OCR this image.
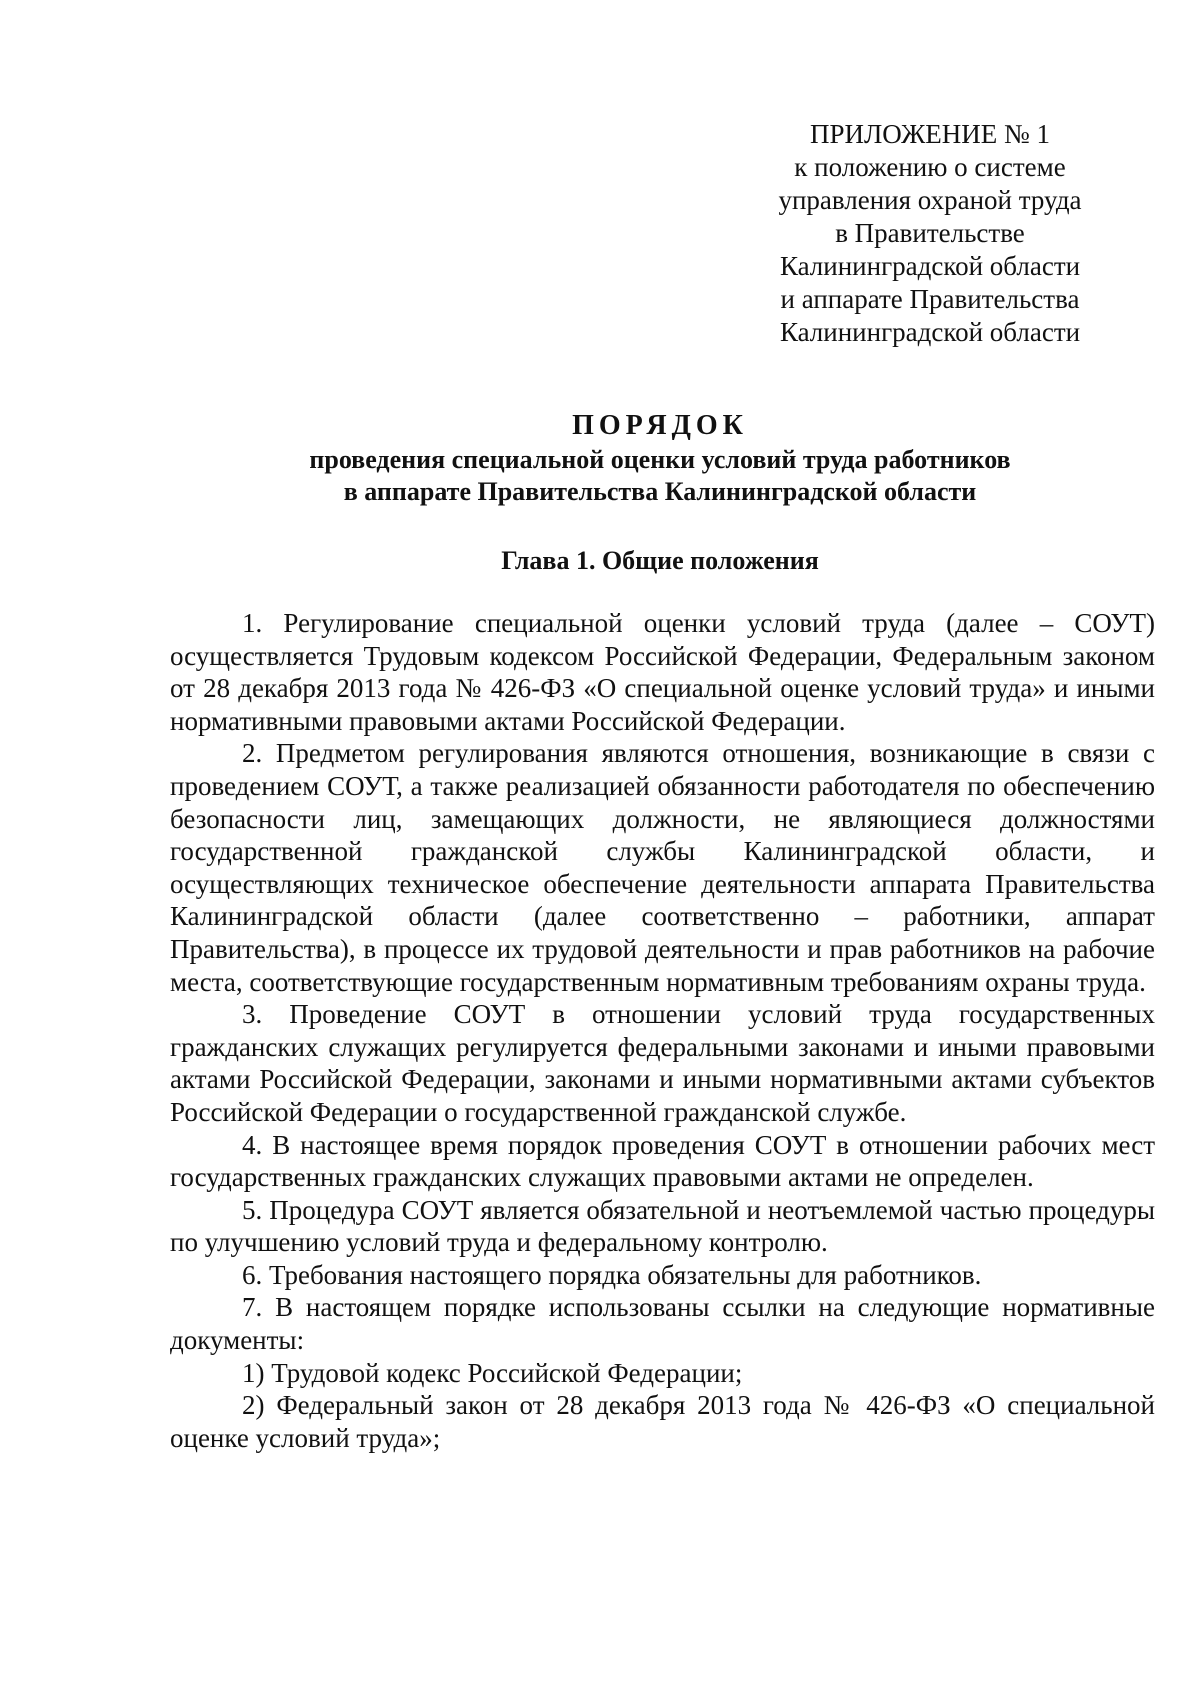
ПРИЛОЖЕНИЕ № 1
к положению о системе
управления охраной труда
в Правительстве
Калининградской области
и аппарате Правительства
Калининградской области
ПОРЯДОК
проведения специальной оценки условий труда работников
в аппарате Правительства Калининградской области
Глава 1. Общие положения

1. Регулирование специальной оценки условий труда (далее – СОУТ) осуществляется Трудовым кодексом Российской Федерации, Федеральным законом от 28 декабря 2013 года № 426-ФЗ «О специальной оценке условий труда» и иными нормативными правовыми актами Российской Федерации.

2. Предметом регулирования являются отношения, возникающие в связи с проведением СОУТ, а также реализацией обязанности работодателя по обеспечению безопасности лиц, замещающих должности, не являющиеся должностями государственной гражданской службы Калининградской области, и осуществляющих техническое обеспечение деятельности аппарата Правительства Калининградской области (далее соответственно – работники, аппарат Правительства), в процессе их трудовой деятельности и прав работников на рабочие места, соответствующие государственным нормативным требованиям охраны труда.

3. Проведение СОУТ в отношении условий труда государственных гражданских служащих регулируется федеральными законами и иными правовыми актами Российской Федерации, законами и иными нормативными актами субъектов Российской Федерации о государственной гражданской службе.

4. В настоящее время порядок проведения СОУТ в отношении рабочих мест государственных гражданских служащих правовыми актами не определен.

5. Процедура СОУТ является обязательной и неотъемлемой частью процедуры по улучшению условий труда и федеральному контролю.

6. Требования настоящего порядка обязательны для работников.

7. В настоящем порядке использованы ссылки на следующие нормативные документы:

1) Трудовой кодекс Российской Федерации;

2) Федеральный закон от 28 декабря 2013 года № 426-ФЗ «О специальной оценке условий труда»;
